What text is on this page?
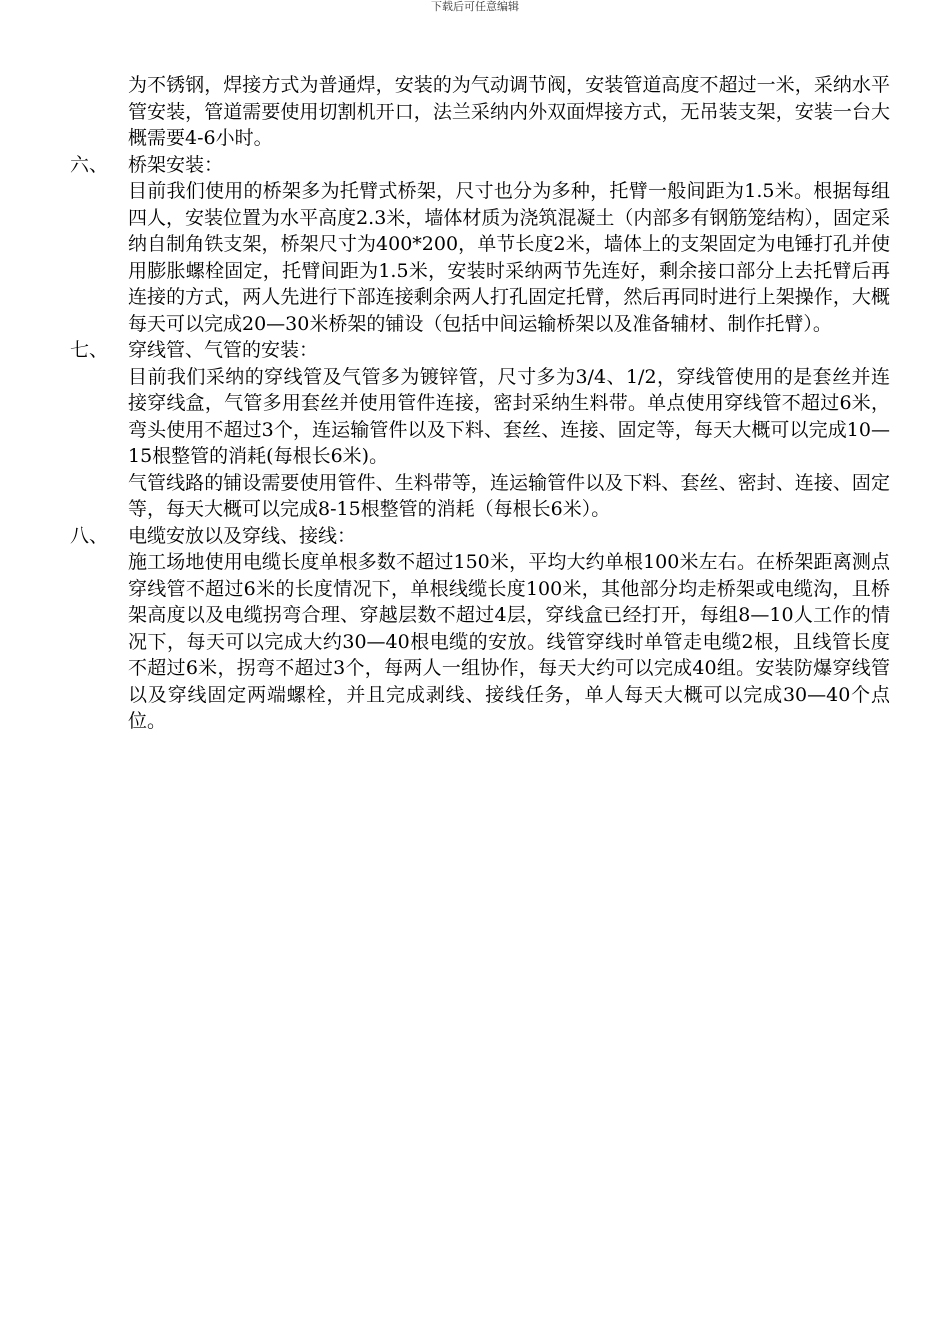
下载后可任意编辑

为不锈钢，焊接方式为普通焊，安装的为气动调节阀，安装管道高度不超过一米，采纳水平管安装，管道需要使用切割机开口，法兰采纳内外双面焊接方式，无吊装支架，安装一台大概需要4-6小时。

六、 桥架安装：

目前我们使用的桥架多为托臂式桥架，尺寸也分为多种，托臂一般间距为1.5米。根据每组四人，安装位置为水平高度2.3米，墙体材质为浇筑混凝土（内部多有钢筋笼结构），固定采纳自制角铁支架，桥架尺寸为400*200，单节长度2米，墙体上的支架固定为电锤打孔并使用膨胀螺栓固定，托臂间距为1.5米，安装时采纳两节先连好，剩余接口部分上去托臂后再连接的方式，两人先进行下部连接剩余两人打孔固定托臂，然后再同时进行上架操作，大概每天可以完成20—30米桥架的铺设（包括中间运输桥架以及准备辅材、制作托臂）。

七、 穿线管、气管的安装：

目前我们采纳的穿线管及气管多为镀锌管，尺寸多为3/4、1/2，穿线管使用的是套丝并连接穿线盒，气管多用套丝并使用管件连接，密封采纳生料带。单点使用穿线管不超过6米，弯头使用不超过3个，连运输管件以及下料、套丝、连接、固定等，每天大概可以完成10—15根整管的消耗(每根长6米)。

气管线路的铺设需要使用管件、生料带等，连运输管件以及下料、套丝、密封、连接、固定等，每天大概可以完成8-15根整管的消耗（每根长6米）。

八、 电缆安放以及穿线、接线：

施工场地使用电缆长度单根多数不超过150米，平均大约单根100米左右。在桥架距离测点穿线管不超过6米的长度情况下，单根线缆长度100米，其他部分均走桥架或电缆沟，且桥架高度以及电缆拐弯合理、穿越层数不超过4层，穿线盒已经打开，每组8—10人工作的情况下，每天可以完成大约30—40根电缆的安放。线管穿线时单管走电缆2根，且线管长度不超过6米，拐弯不超过3个，每两人一组协作，每天大约可以完成40组。安装防爆穿线管以及穿线固定两端螺栓，并且完成剥线、接线任务，单人每天大概可以完成30—40个点位。
